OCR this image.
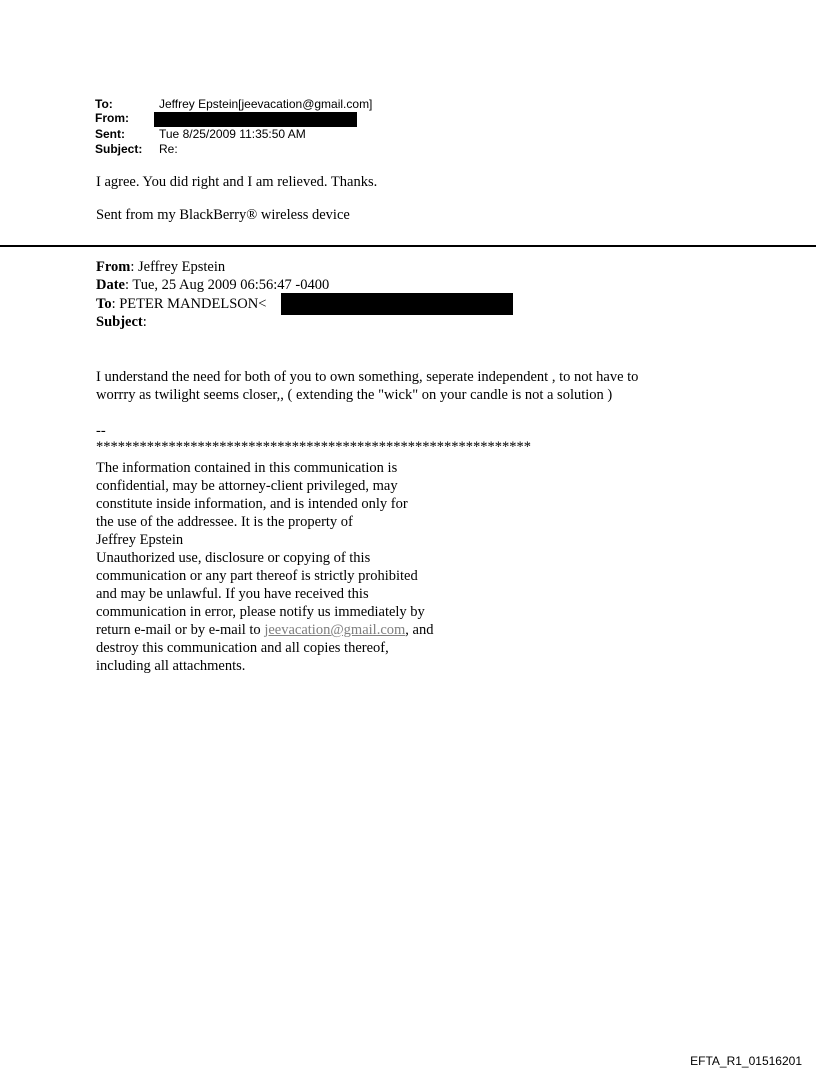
To:	Jeffrey Epstein[jeevacation@gmail.com]
From:
Sent:	Tue 8/25/2009 11:35:50 AM
Subject: Re:
I agree. You did right and I am relieved. Thanks.
Sent from my BlackBerry® wireless device
From: Jeffrey Epstein
Date: Tue, 25 Aug 2009 06:56:47 -0400
To: PETER MANDELSON<
Subject:
I understand the need for both of you to own something, seperate independent , to not have to
worrry as twilight seems closer,, ( extending the "wick" on your candle is not a solution )
--
************************************************************
The information contained in this communication is
confidential, may be attorney-client privileged, may
constitute inside information, and is intended only for
the use of the addressee. It is the property of
Jeffrey Epstein
Unauthorized use, disclosure or copying of this
communication or any part thereof is strictly prohibited
and may be unlawful. If you have received this
communication in error, please notify us immediately by
return e-mail or by e-mail to jeevacation@gmail.com, and
destroy this communication and all copies thereof,
including all attachments.
EFTA_R1_01516201
